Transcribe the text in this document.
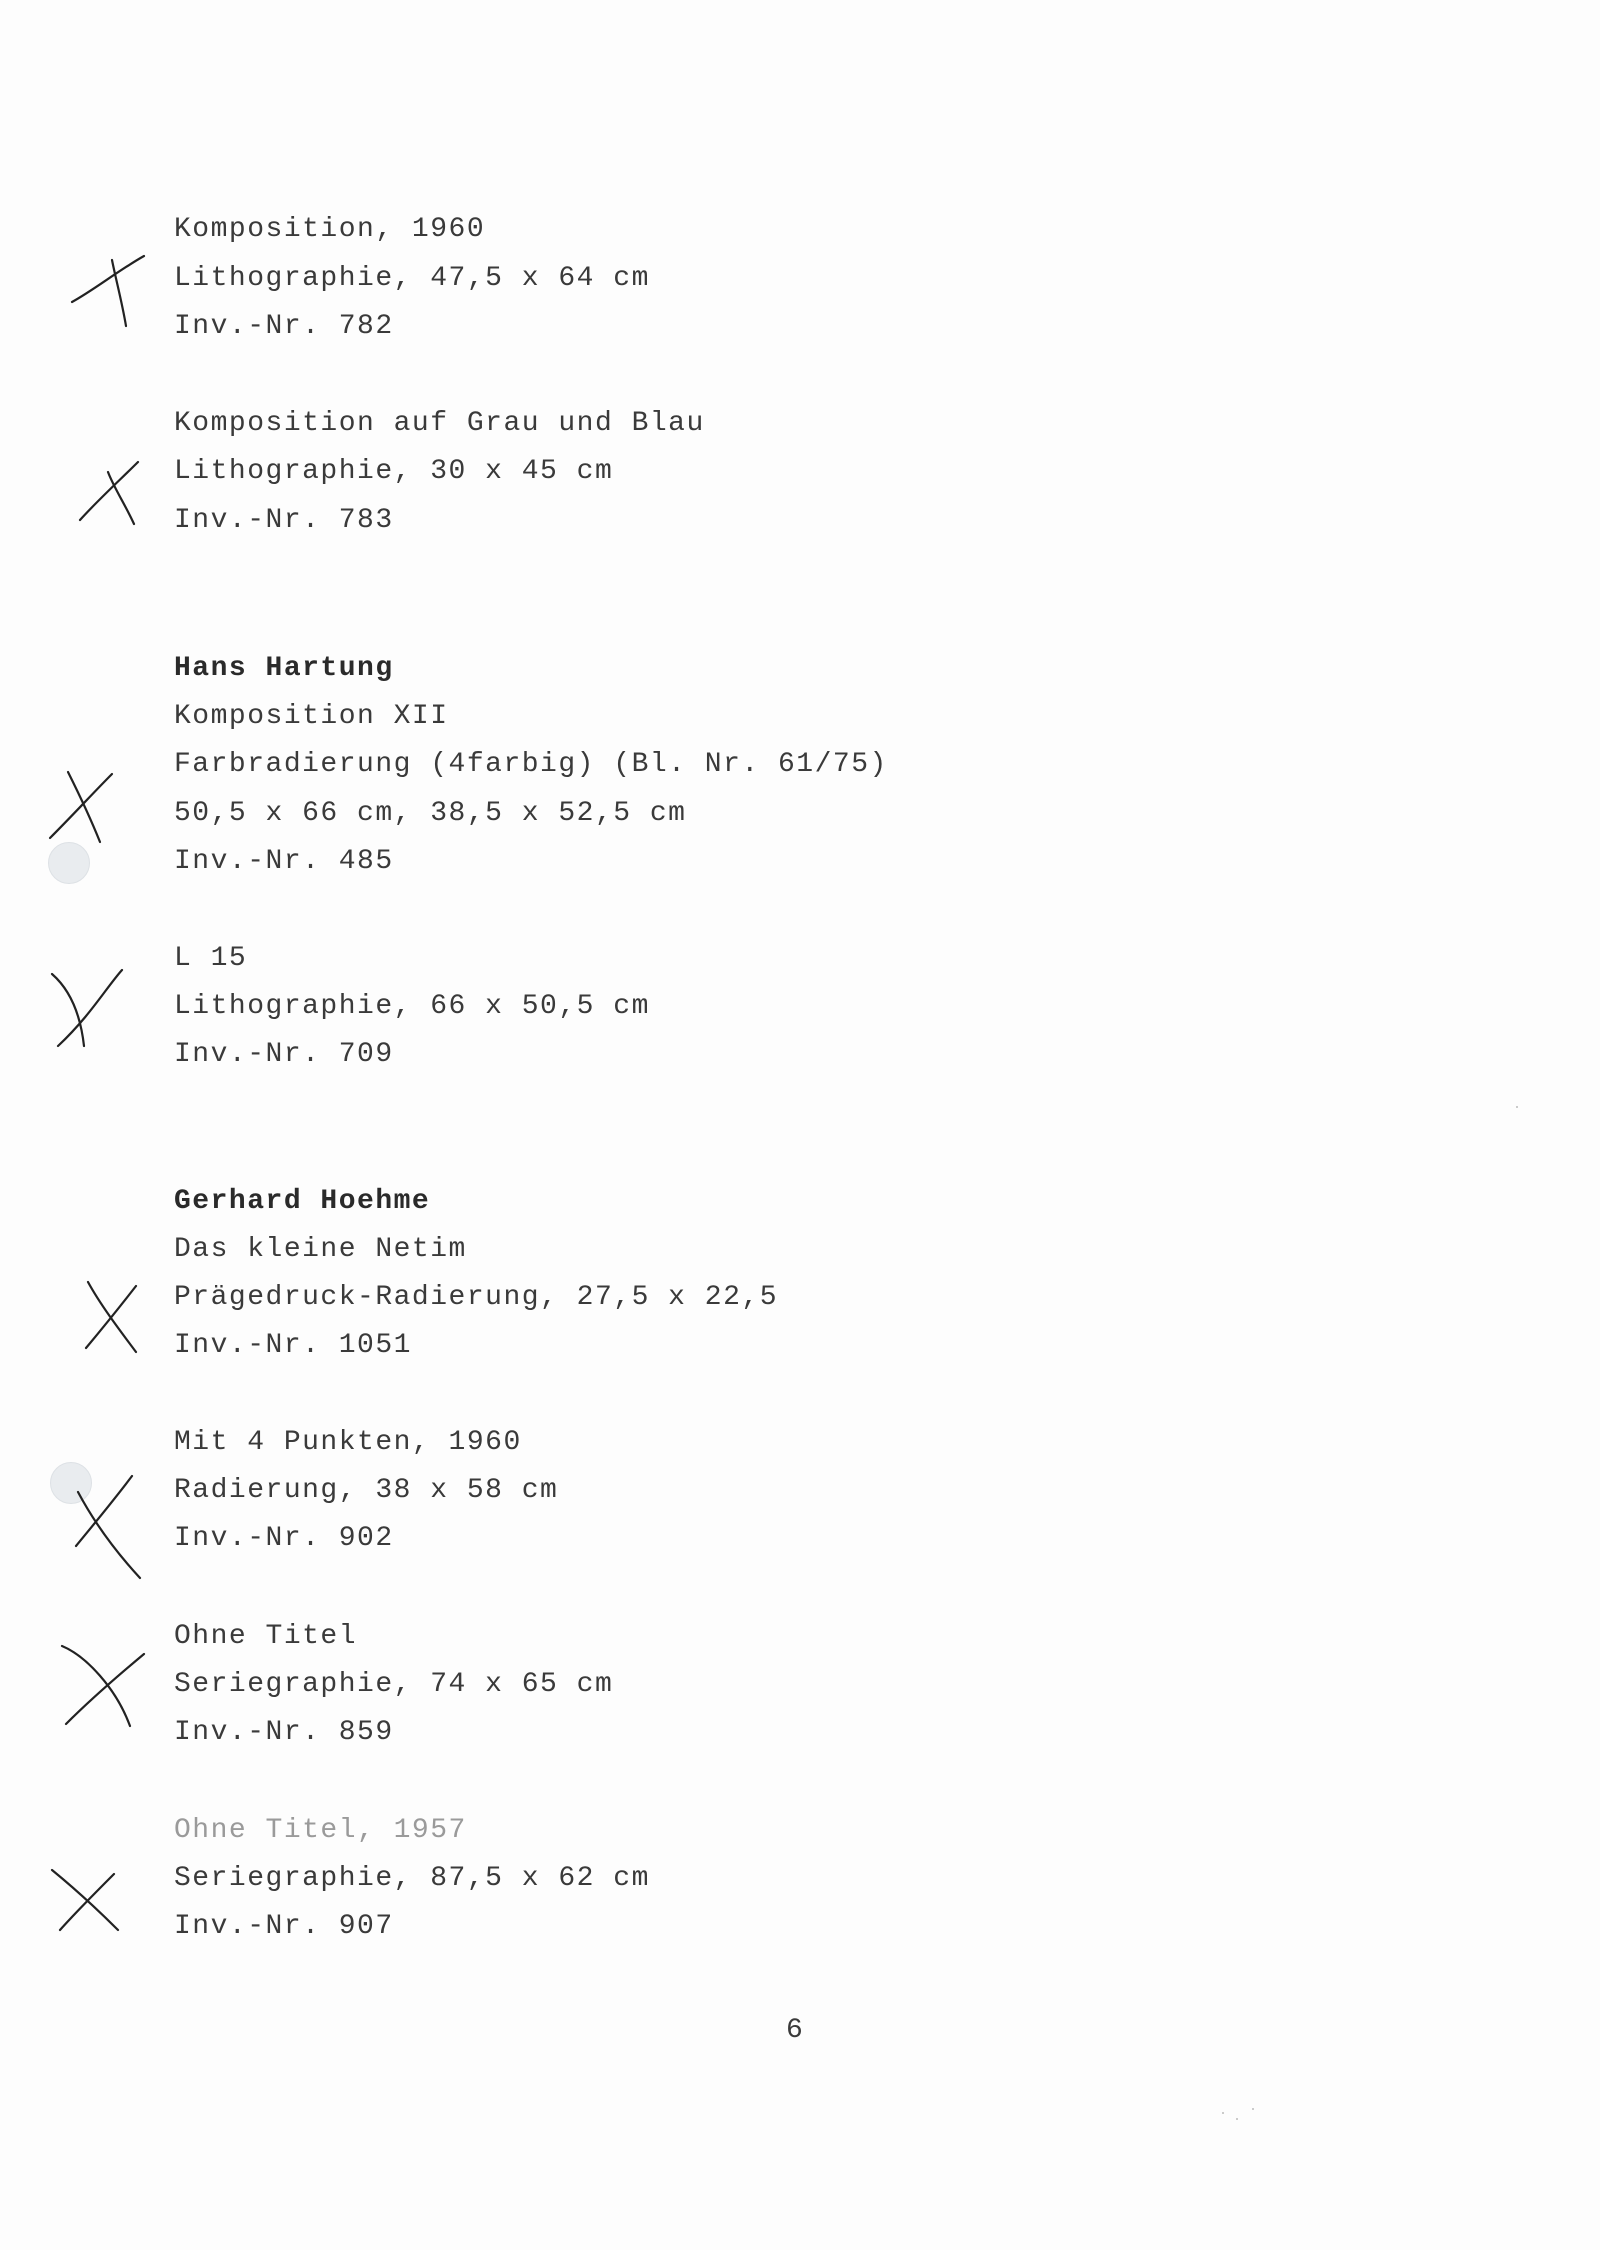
Komposition, 1960
Lithographie, 47,5 x 64 cm
Inv.-Nr. 782
Komposition auf Grau und Blau
Lithographie, 30 x 45 cm
Inv.-Nr. 783
Hans Hartung
Komposition XII
Farbradierung (4farbig) (Bl. Nr. 61/75)
50,5 x 66 cm, 38,5 x 52,5 cm
Inv.-Nr. 485
L 15
Lithographie, 66 x 50,5 cm
Inv.-Nr. 709
Gerhard Hoehme
Das kleine Netim
Prägedruck-Radierung, 27,5 x 22,5
Inv.-Nr. 1051
Mit 4 Punkten, 1960
Radierung, 38 x 58 cm
Inv.-Nr. 902
Ohne Titel
Seriegraphie, 74 x 65 cm
Inv.-Nr. 859
Ohne Titel, 1957
Seriegraphie, 87,5 x 62 cm
Inv.-Nr. 907
6
